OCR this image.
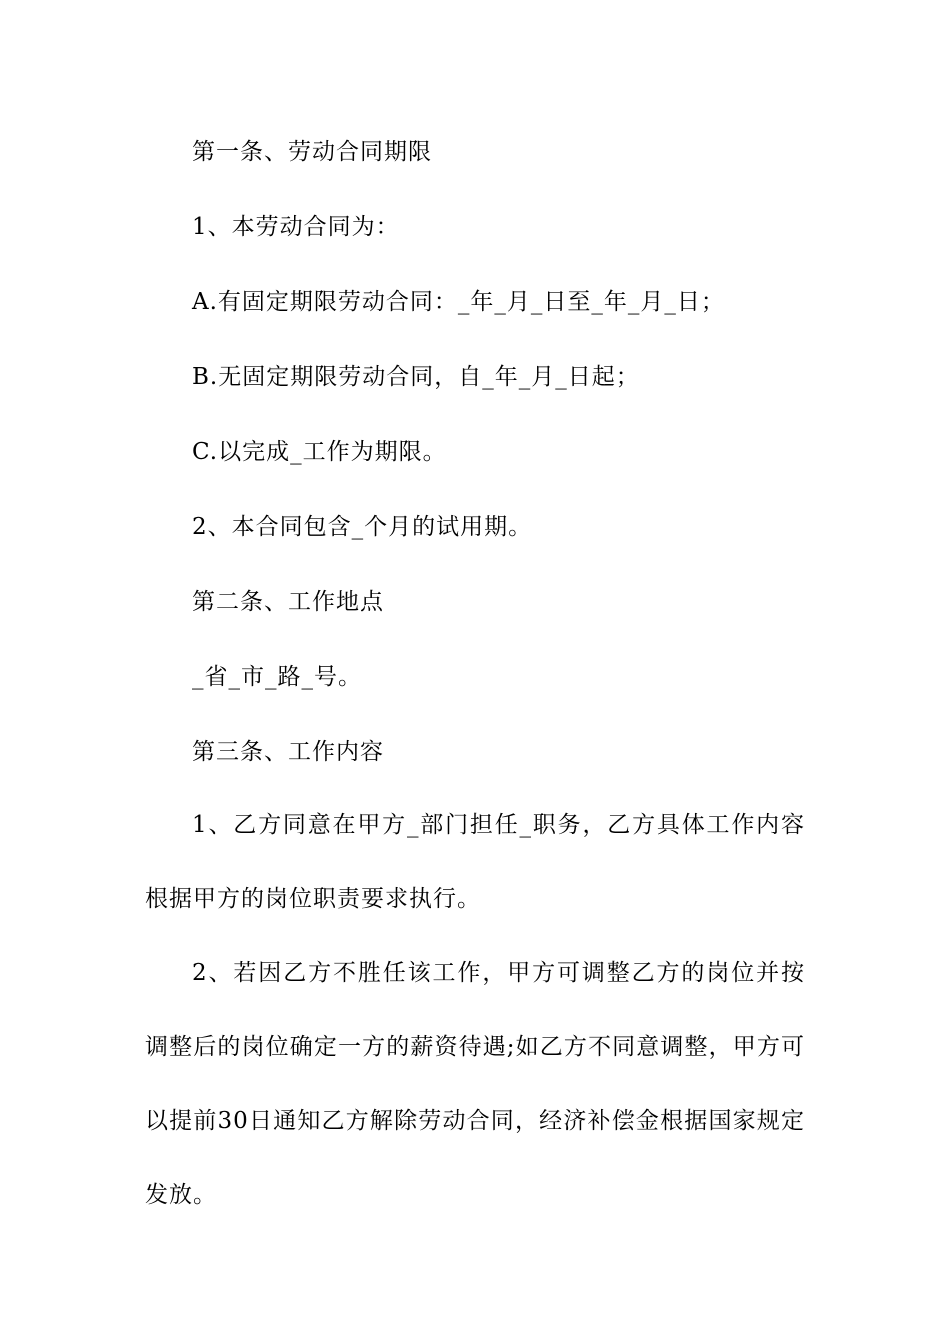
第一条、劳动合同期限
1、本劳动合同为：
A.有固定期限劳动合同：_年_月_日至_年_月_日；
B.无固定期限劳动合同，自_年_月_日起；
C.以完成_工作为期限。
2、本合同包含_个月的试用期。
第二条、工作地点
_省_市_路_号。
第三条、工作内容
1、乙方同意在甲方_部门担任_职务，乙方具体工作内容根据甲方的岗位职责要求执行。
2、若因乙方不胜任该工作，甲方可调整乙方的岗位并按调整后的岗位确定一方的薪资待遇;如乙方不同意调整，甲方可以提前30日通知乙方解除劳动合同，经济补偿金根据国家规定发放。
